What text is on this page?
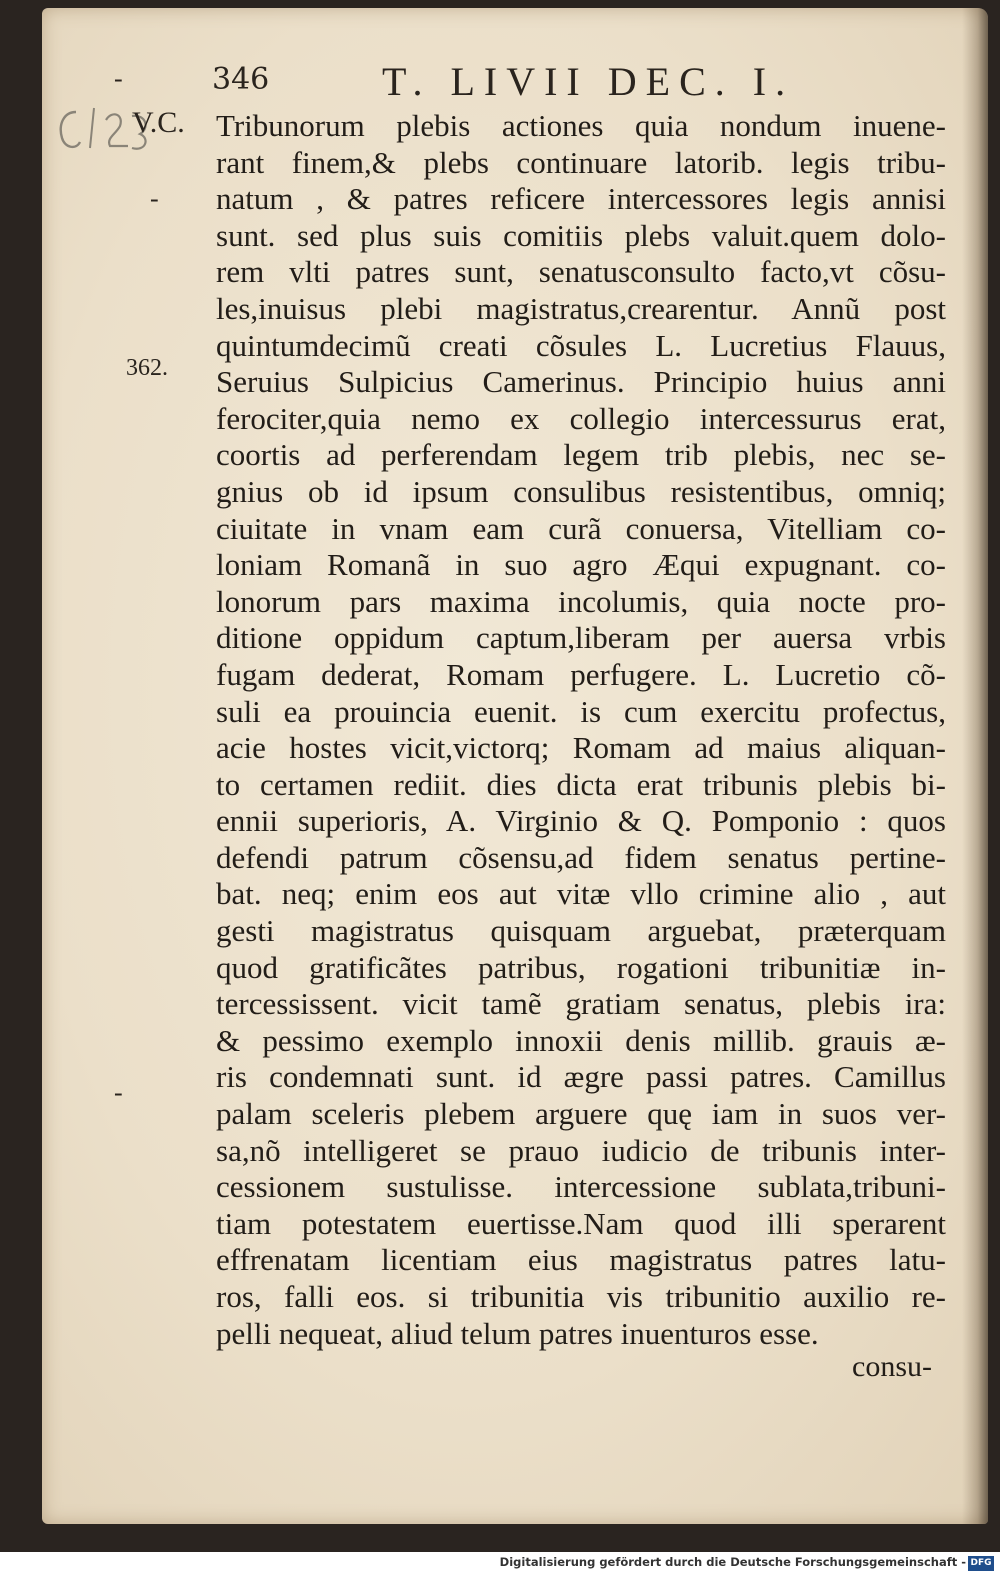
346	T. LIVII DEC. I.
-
-
-
V.C.
362.
Tribunorum plebis actiones quia nondum inuene-
rant finem,& plebs continuare latorib. legis tribu-
natum , & patres reficere intercessores legis annisi
sunt. sed plus suis comitiis plebs valuit.quem dolo-
rem vlti patres sunt, senatusconsulto facto,vt cõsu-
les,inuisus plebi magistratus,crearentur. Annũ post
quintumdecimũ creati cõsules L. Lucretius Flauus,
Seruius Sulpicius Camerinus. Principio huius anni
ferociter,quia nemo ex collegio intercessurus erat,
coortis ad perferendam legem trib plebis, nec se-
gnius ob id ipsum consulibus resistentibus, omniq;
ciuitate in vnam eam curã conuersa, Vitelliam co-
loniam Romanã in suo agro Æqui expugnant. co-
lonorum pars maxima incolumis, quia nocte pro-
ditione oppidum captum,liberam per auersa vrbis
fugam dederat, Romam perfugere. L. Lucretio cõ-
suli ea prouincia euenit. is cum exercitu profectus,
acie hostes vicit,victorq; Romam ad maius aliquan-
to certamen rediit. dies dicta erat tribunis plebis bi-
ennii superioris, A. Virginio & Q. Pomponio : quos
defendi patrum cõsensu,ad fidem senatus pertine-
bat. neq; enim eos aut vitæ vllo crimine alio , aut
gesti magistratus quisquam arguebat, præterquam
quod gratificãtes patribus, rogationi tribunitiæ in-
tercessissent. vicit tamẽ gratiam senatus, plebis ira:
& pessimo exemplo innoxii denis millib. grauis æ-
ris condemnati sunt. id ægre passi patres. Camillus
palam sceleris plebem arguere quę iam in suos ver-
sa,nõ intelligeret se prauo iudicio de tribunis inter-
cessionem sustulisse. intercessione sublata,tribuni-
tiam potestatem euertisse.Nam quod illi sperarent
effrenatam licentiam eius magistratus patres latu-
ros, falli eos. si tribunitia vis tribunitio auxilio re-
pelli nequeat, aliud telum patres inuenturos esse.
consu-
Digitalisierung gefördert durch die Deutsche Forschungsgemeinschaft - DFG
